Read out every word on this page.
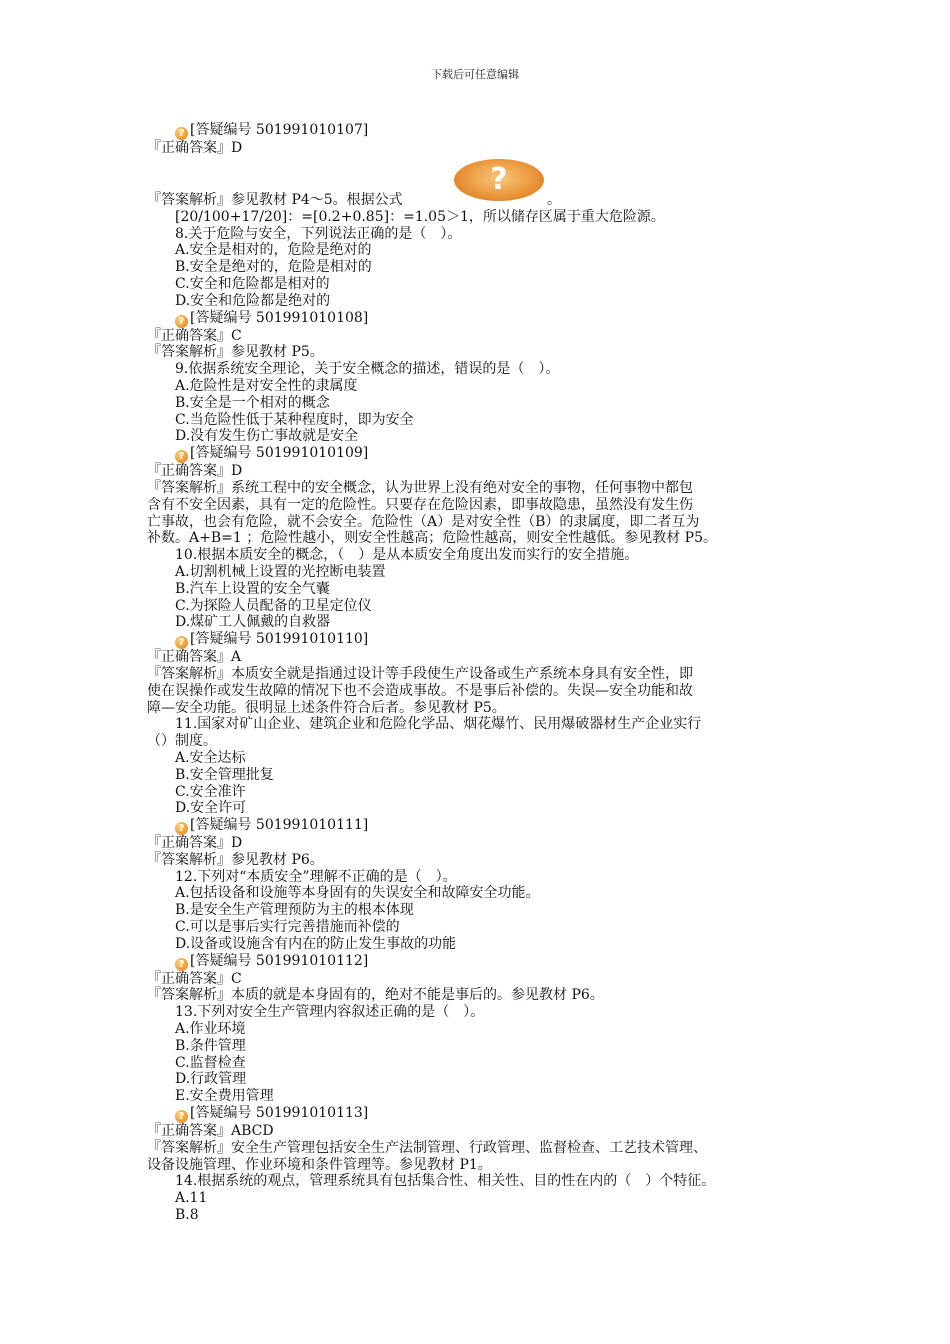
下载后可任意编辑
? [答疑编号 501991010107]
『正确答案』D
『答案解析』参见教材 P4～5。根据公式
?
。
[20/100+17/20]：=[0.2+0.85]：=1.05＞1，所以储存区属于重大危险源。
8.关于危险与安全，下列说法正确的是（　）。
A.安全是相对的，危险是绝对的
B.安全是绝对的，危险是相对的
C.安全和危险都是相对的
D.安全和危险都是绝对的
? [答疑编号 501991010108]
『正确答案』C
『答案解析』参见教材 P5。
9.依据系统安全理论，关于安全概念的描述，错误的是（　）。
A.危险性是对安全性的隶属度
B.安全是一个相对的概念
C.当危险性低于某种程度时，即为安全
D.没有发生伤亡事故就是安全
? [答疑编号 501991010109]
『正确答案』D
『答案解析』系统工程中的安全概念，认为世界上没有绝对安全的事物，任何事物中都包
含有不安全因素，具有一定的危险性。只要存在危险因素，即事故隐患，虽然没有发生伤
亡事故，也会有危险，就不会安全。危险性（A）是对安全性（B）的隶属度，即二者互为
补数。A+B=1 ；危险性越小，则安全性越高；危险性越高，则安全性越低。参见教材 P5。
10.根据本质安全的概念，（　）是从本质安全角度出发而实行的安全措施。
A.切割机械上设置的光控断电装置
B.汽车上设置的安全气囊
C.为探险人员配备的卫星定位仪
D.煤矿工人佩戴的自救器
? [答疑编号 501991010110]
『正确答案』A
『答案解析』本质安全就是指通过设计等手段使生产设备或生产系统本身具有安全性，即
使在误操作或发生故障的情况下也不会造成事故。不是事后补偿的。失误—安全功能和故
障—安全功能。很明显上述条件符合后者。参见教材 P5。
11.国家对矿山企业、建筑企业和危险化学品、烟花爆竹、民用爆破器材生产企业实行
（）制度。
A.安全达标
B.安全管理批复
C.安全准许
D.安全许可
? [答疑编号 501991010111]
『正确答案』D
『答案解析』参见教材 P6。
12.下列对“本质安全”理解不正确的是（　）。
A.包括设备和设施等本身固有的失误安全和故障安全功能。
B.是安全生产管理预防为主的根本体现
C.可以是事后实行完善措施而补偿的
D.设备或设施含有内在的防止发生事故的功能
? [答疑编号 501991010112]
『正确答案』C
『答案解析』本质的就是本身固有的，绝对不能是事后的。参见教材 P6。
13.下列对安全生产管理内容叙述正确的是（　）。
A.作业环境
B.条件管理
C.监督检查
D.行政管理
E.安全费用管理
? [答疑编号 501991010113]
『正确答案』ABCD
『答案解析』安全生产管理包括安全生产法制管理、行政管理、监督检查、工艺技术管理、
设备设施管理、作业环境和条件管理等。参见教材 P1。
14.根据系统的观点，管理系统具有包括集合性、相关性、目的性在内的（　）个特征。
A.11
B.8
